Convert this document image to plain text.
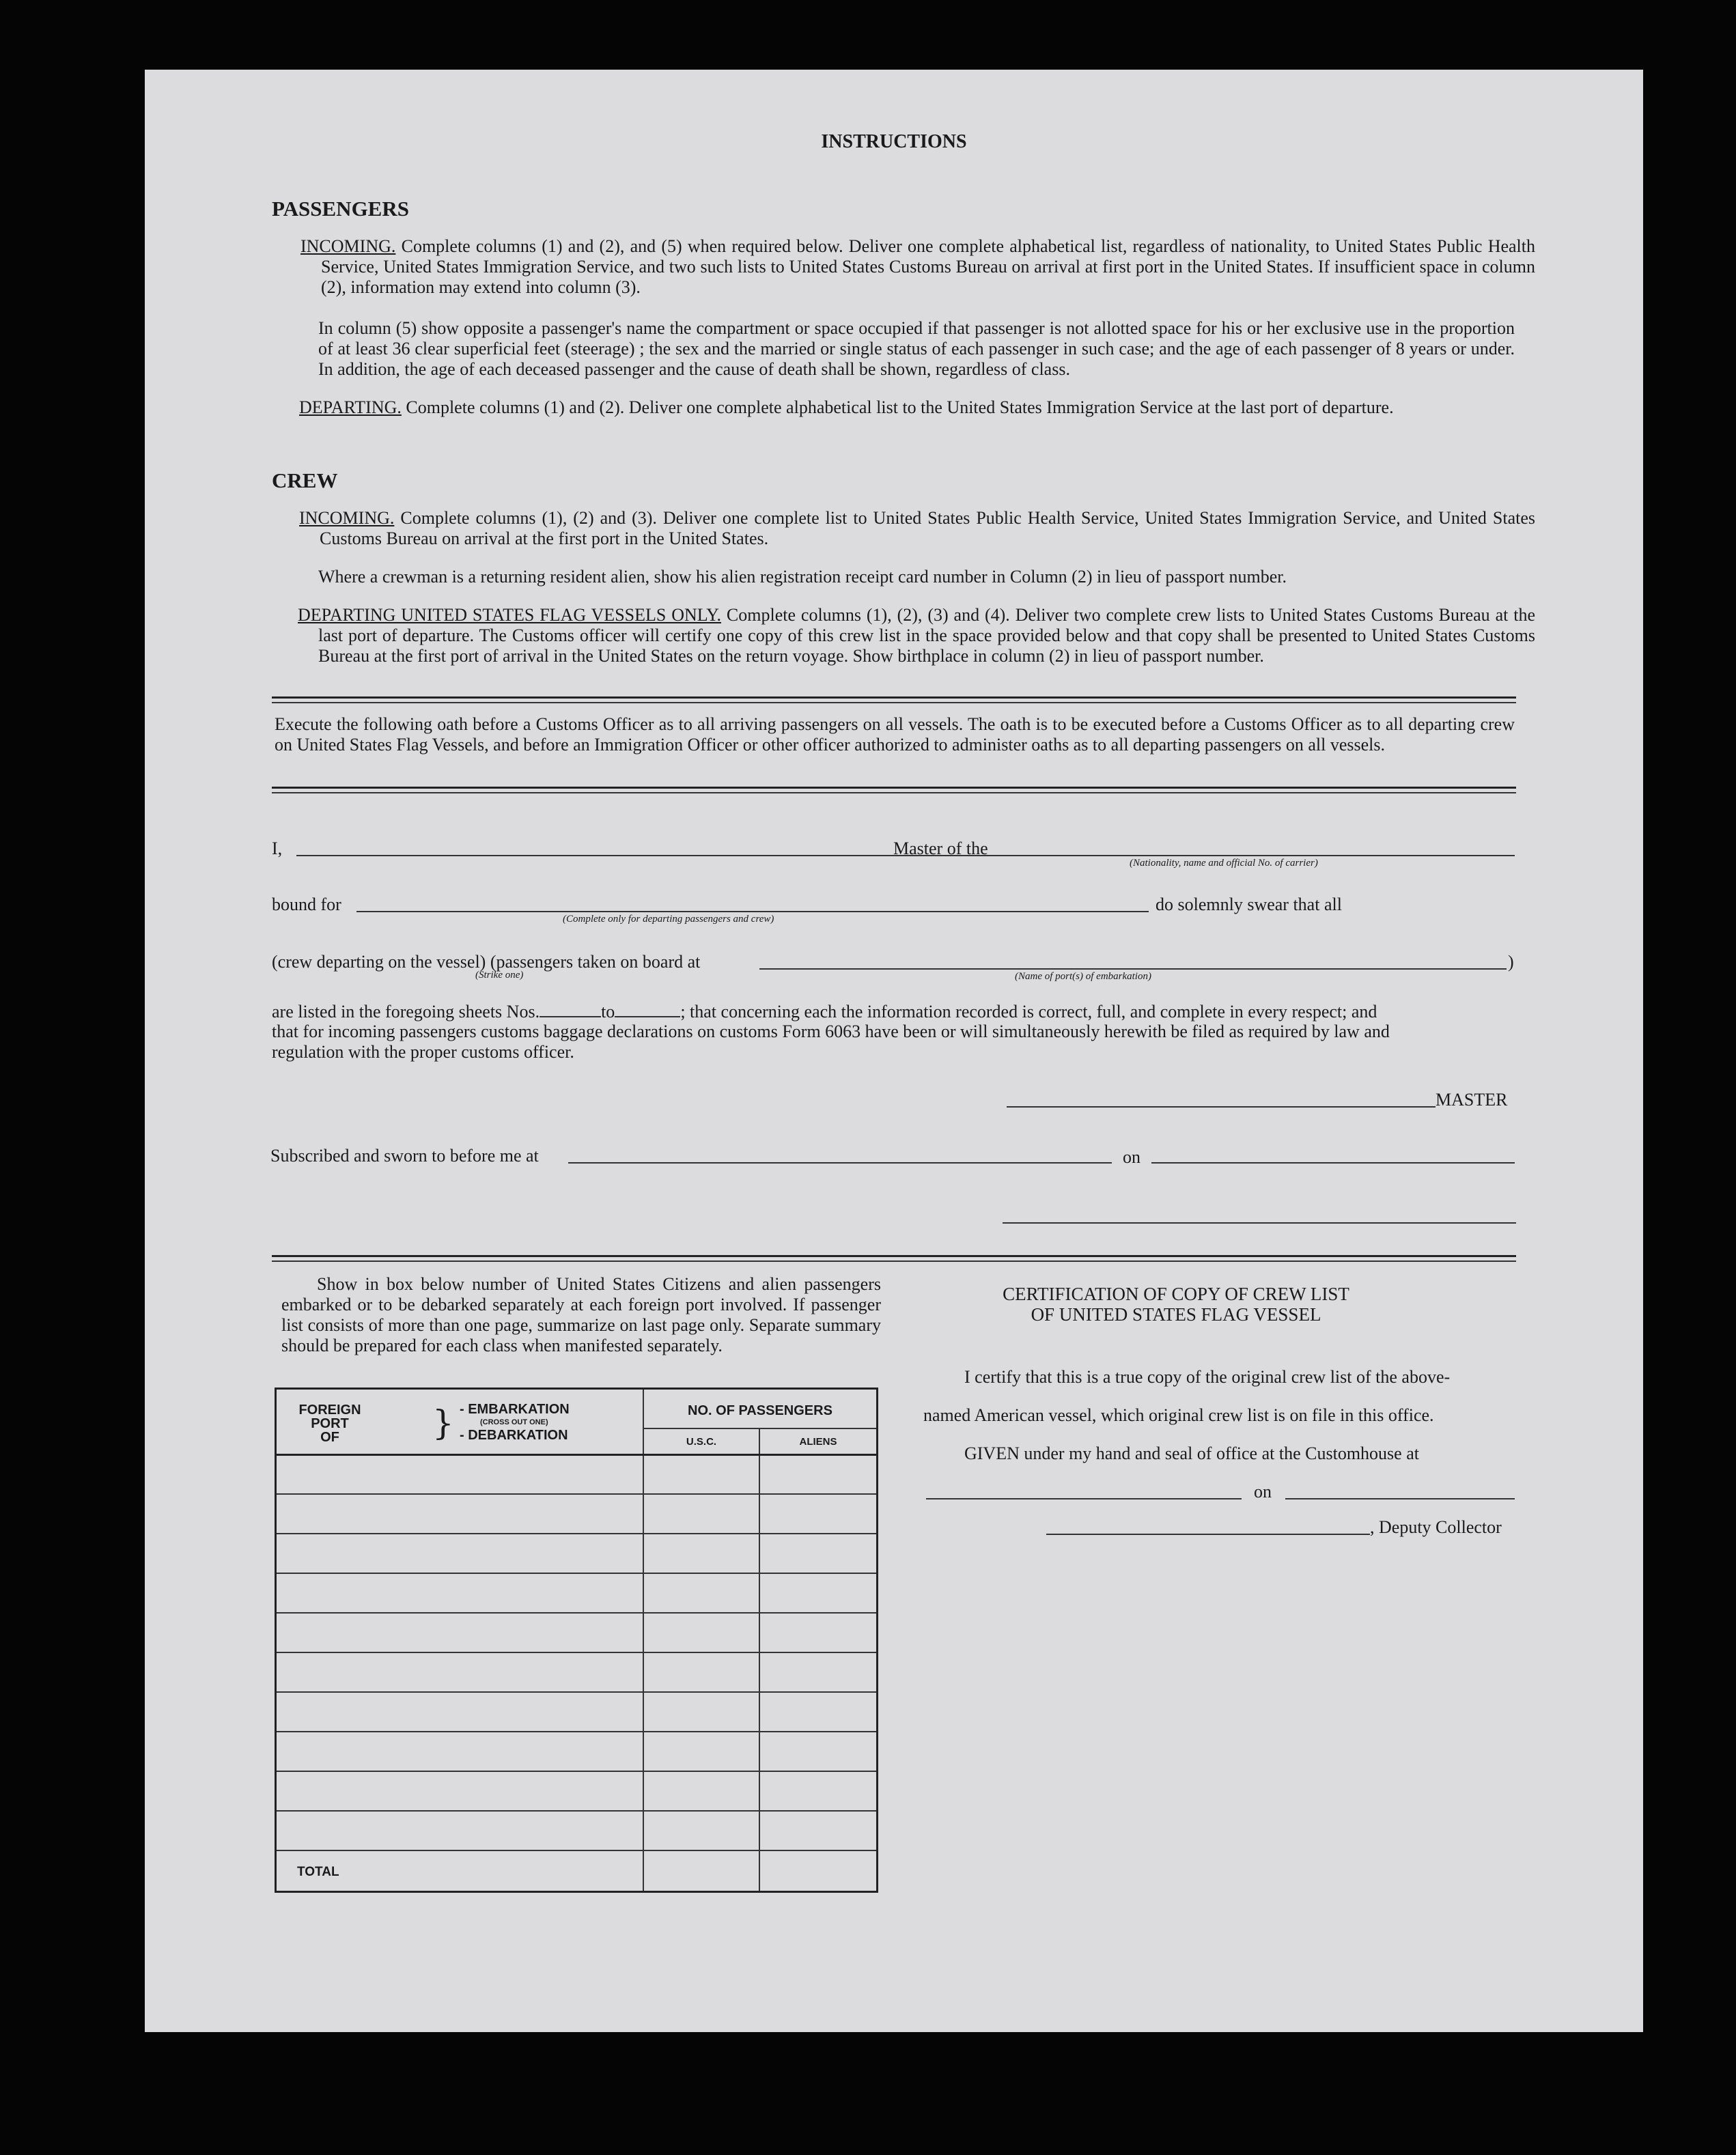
INSTRUCTIONS
PASSENGERS
INCOMING. Complete columns (1) and (2), and (5) when required below. Deliver one complete alphabetical list, regardless of nationality, to United States Public Health Service, United States Immigration Service, and two such lists to United States Customs Bureau on arrival at first port in the United States. If insufficient space in column (2), information may extend into column (3).
In column (5) show opposite a passenger's name the compartment or space occupied if that passenger is not allotted space for his or her exclusive use in the proportion of at least 36 clear superficial feet (steerage) ; the sex and the married or single status of each passenger in such case; and the age of each passenger of 8 years or under. In addition, the age of each deceased passenger and the cause of death shall be shown, regardless of class.
DEPARTING. Complete columns (1) and (2). Deliver one complete alphabetical list to the United States Immigration Service at the last port of departure.
CREW
INCOMING. Complete columns (1), (2) and (3). Deliver one complete list to United States Public Health Service, United States Immigration Service, and United States Customs Bureau on arrival at the first port in the United States.
Where a crewman is a returning resident alien, show his alien registration receipt card number in Column (2) in lieu of passport number.
DEPARTING UNITED STATES FLAG VESSELS ONLY. Complete columns (1), (2), (3) and (4). Deliver two complete crew lists to United States Customs Bureau at the last port of departure. The Customs officer will certify one copy of this crew list in the space provided below and that copy shall be presented to United States Customs Bureau at the first port of arrival in the United States on the return voyage. Show birthplace in column (2) in lieu of passport number.
Execute the following oath before a Customs Officer as to all arriving passengers on all vessels. The oath is to be executed before a Customs Officer as to all departing crew on United States Flag Vessels, and before an Immigration Officer or other officer authorized to administer oaths as to all departing passengers on all vessels.
I,	Master of the
(Nationality, name and official No. of carrier)
bound for
(Complete only for departing passengers and crew)
do solemnly swear that all
(crew departing on the vessel) (passengers taken on board at
(Strike one)	(Name of port(s) of embarkation)
)
are listed in the foregoing sheets Nos.	to	; that concerning each the information recorded is correct, full, and complete in every respect; and
that for incoming passengers customs baggage declarations on customs Form 6063 have been or will simultaneously herewith be filed as required by law and
regulation with the proper customs officer.
MASTER
Subscribed and sworn to before me at	on
Show in box below number of United States Citizens and alien passengers embarked or to be debarked separately at each foreign port involved. If passenger list consists of more than one page, summarize on last page only. Separate summary should be prepared for each class when manifested separately.
FOREIGN
PORT
OF	} - EMBARKATION
(CROSS OUT ONE)
- DEBARKATION
NO. OF PASSENGERS
U.S.C.	ALIENS
TOTAL
CERTIFICATION OF COPY OF CREW LIST
OF UNITED STATES FLAG VESSEL
I certify that this is a true copy of the original crew list of the above-
named American vessel, which original crew list is on file in this office.
GIVEN under my hand and seal of office at the Customhouse at
on
, Deputy Collector
